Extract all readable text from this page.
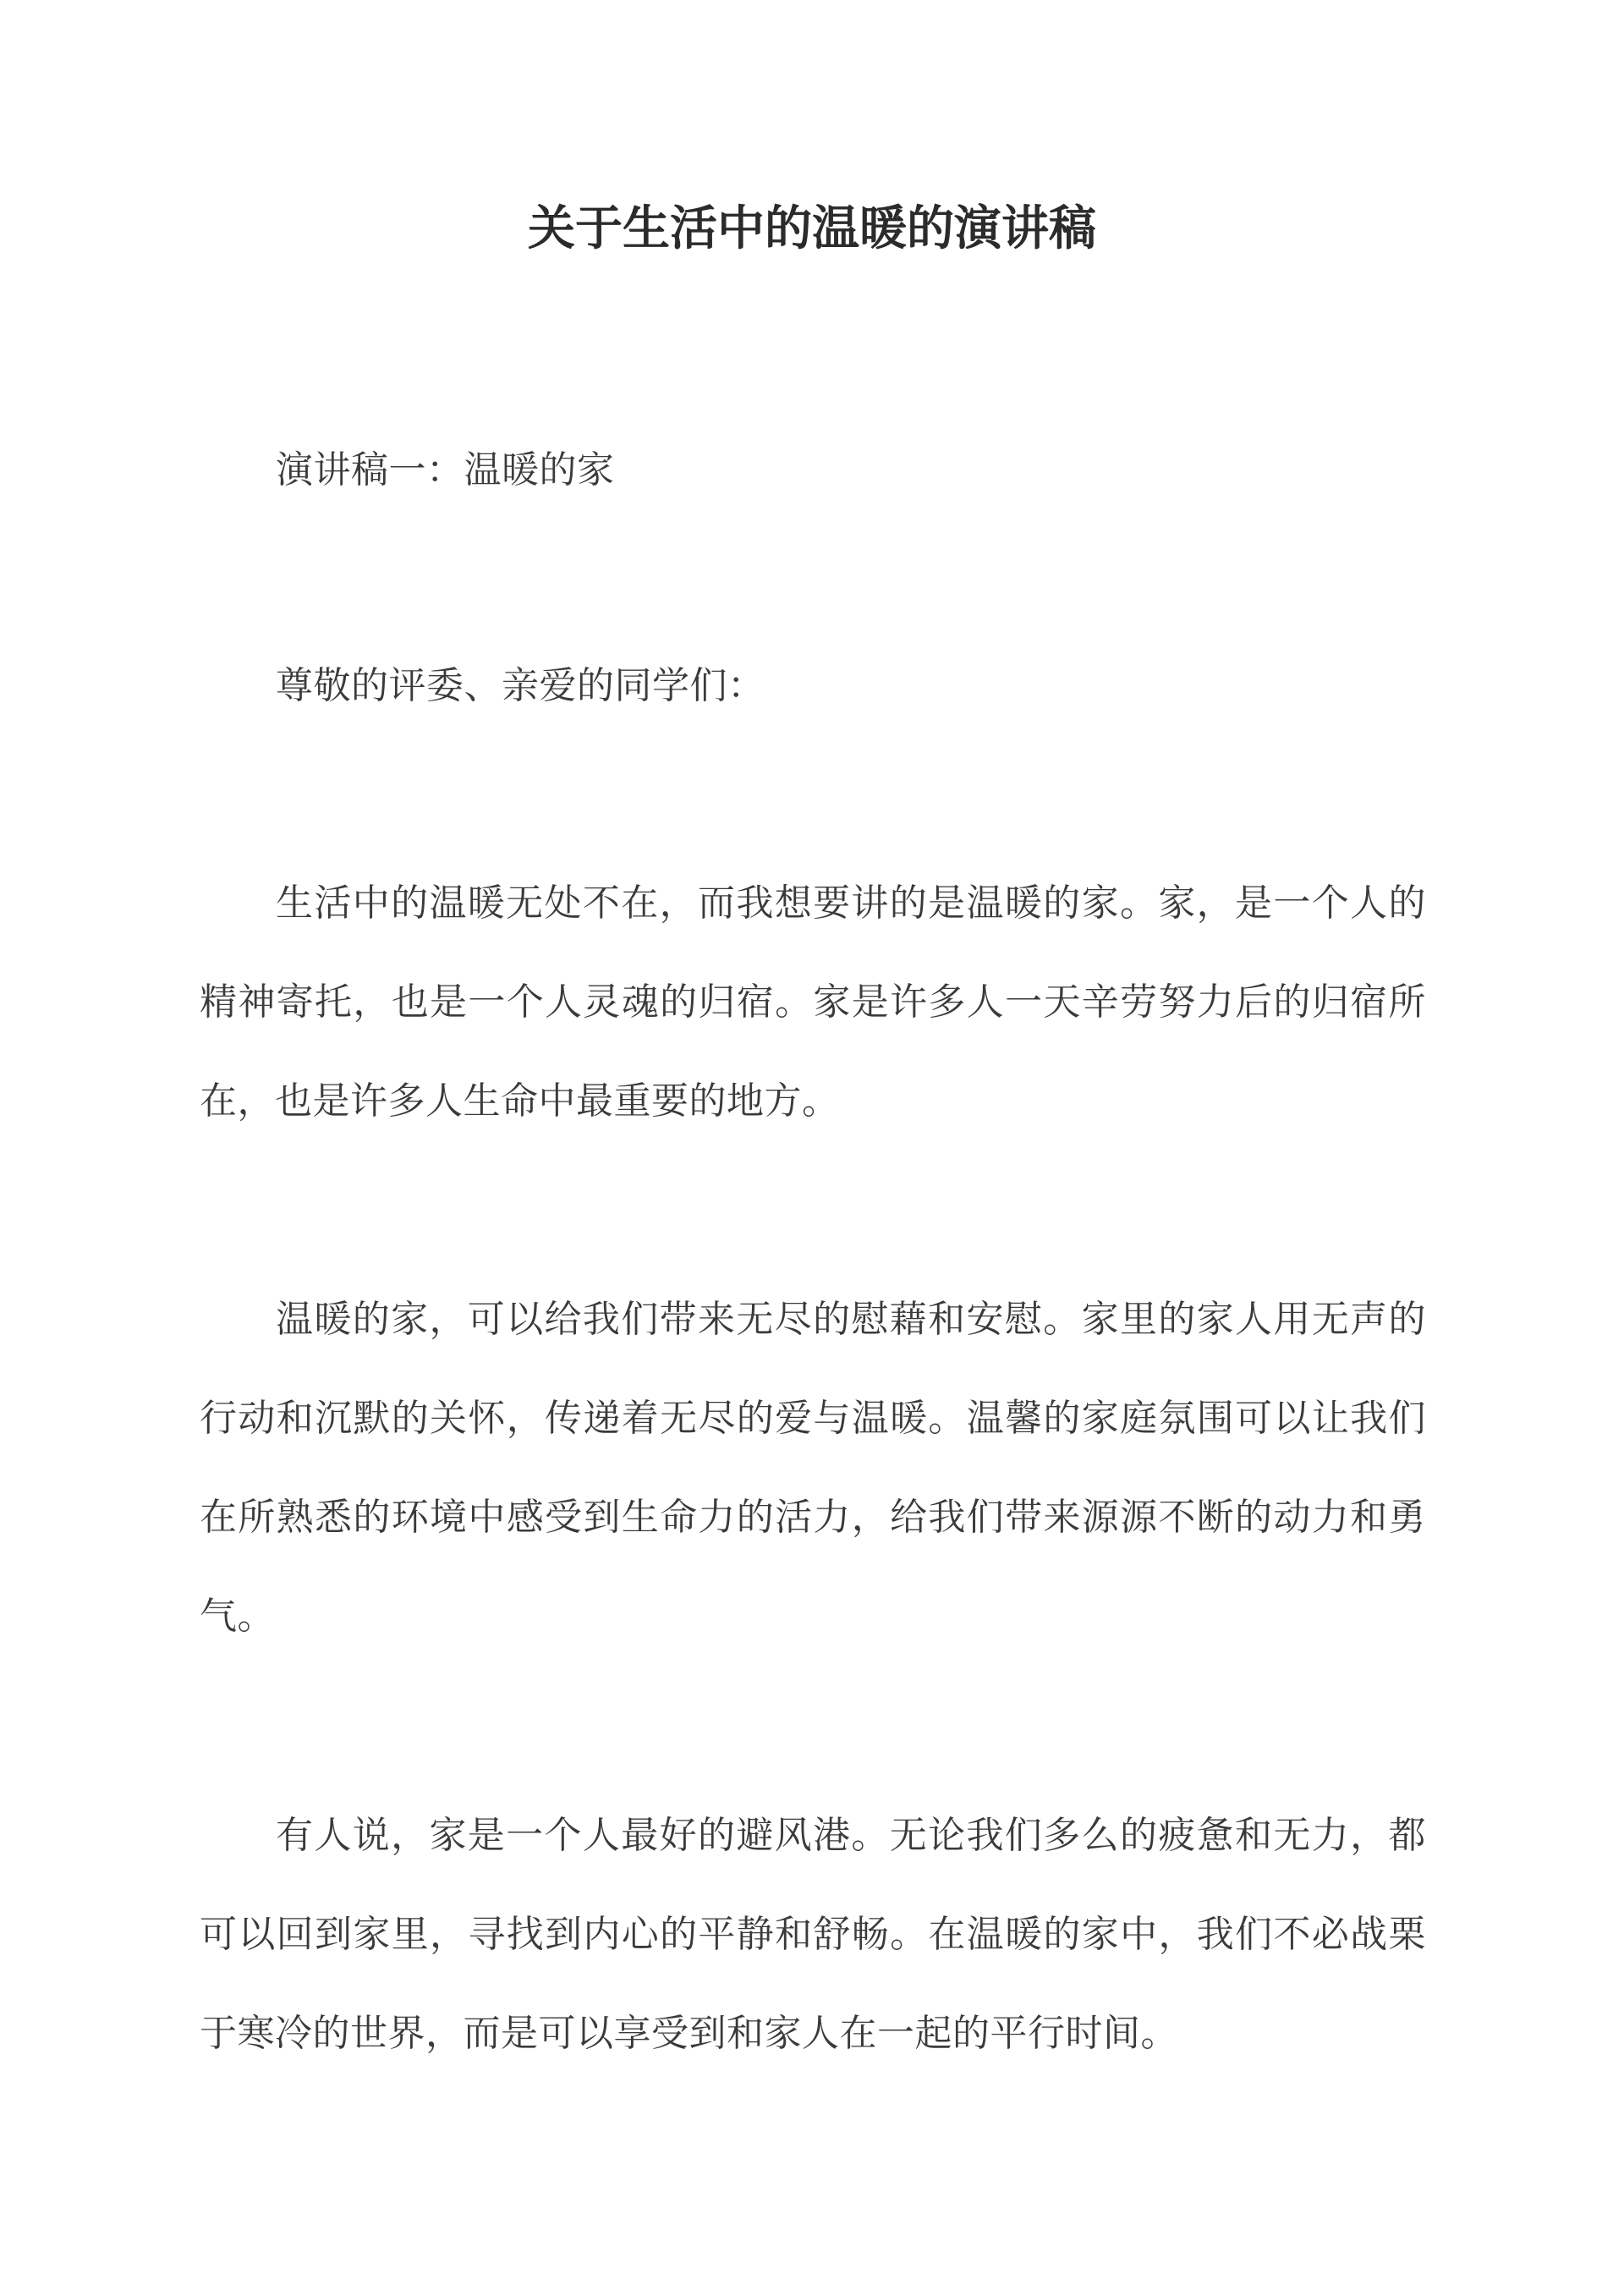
关于生活中的温暖的演讲稿

演讲稿一：温暖的家

尊敬的评委、亲爱的同学们：

生活中的温暖无处不在，而我想要讲的是温暖的家。家，是一个人的精神寄托，也是一个人灵魂的归宿。家是许多人一天辛劳努力后的归宿所在，也是许多人生命中最重要的地方。

温暖的家，可以给我们带来无尽的慰藉和安慰。家里的家人用无声的行动和沉默的关怀，传递着无尽的爱与温暖。温馨的家庭氛围可以让我们在所熟悉的环境中感受到生命力的活力，给我们带来源源不断的动力和勇气。

有人说，家是一个人最好的避风港。无论我们多么的疲惫和无力，都可以回到家里，寻找到内心的平静和舒畅。在温暖的家中，我们不必战栗于寒冷的世界，而是可以享受到和家人在一起的平行时间。
